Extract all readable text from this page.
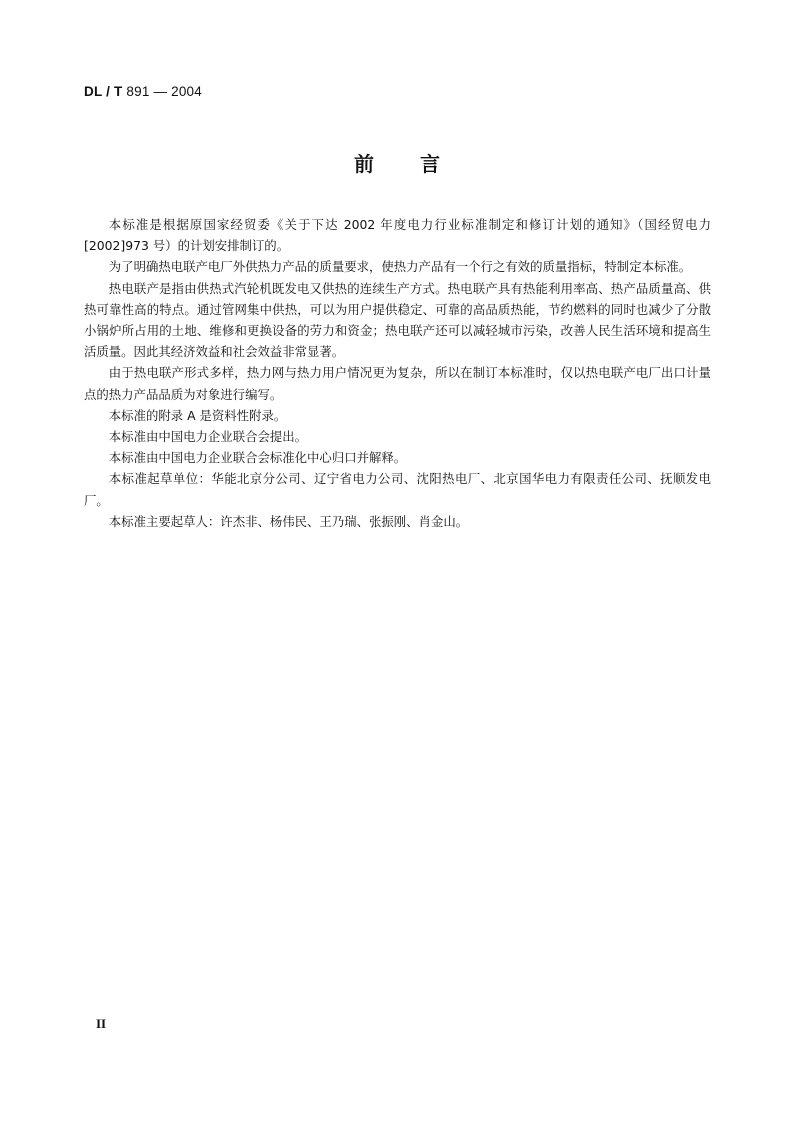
DL / T 891 — 2004
前 言

本标准是根据原国家经贸委《关于下达 2002 年度电力行业标准制定和修订计划的通知》（国经贸电力[2002]973 号）的计划安排制订的。

为了明确热电联产电厂外供热力产品的质量要求，使热力产品有一个行之有效的质量指标，特制定本标准。

热电联产是指由供热式汽轮机既发电又供热的连续生产方式。热电联产具有热能利用率高、热产品质量高、供热可靠性高的特点。通过管网集中供热，可以为用户提供稳定、可靠的高品质热能，节约燃料的同时也减少了分散小锅炉所占用的土地、维修和更换设备的劳力和资金；热电联产还可以减轻城市污染，改善人民生活环境和提高生活质量。因此其经济效益和社会效益非常显著。

由于热电联产形式多样，热力网与热力用户情况更为复杂，所以在制订本标准时，仅以热电联产电厂出口计量点的热力产品品质为对象进行编写。

本标准的附录 A 是资料性附录。

本标准由中国电力企业联合会提出。

本标准由中国电力企业联合会标准化中心归口并解释。

本标准起草单位：华能北京分公司、辽宁省电力公司、沈阳热电厂、北京国华电力有限责任公司、抚顺发电厂。

本标准主要起草人：许杰非、杨伟民、王乃瑞、张振刚、肖金山。

II
